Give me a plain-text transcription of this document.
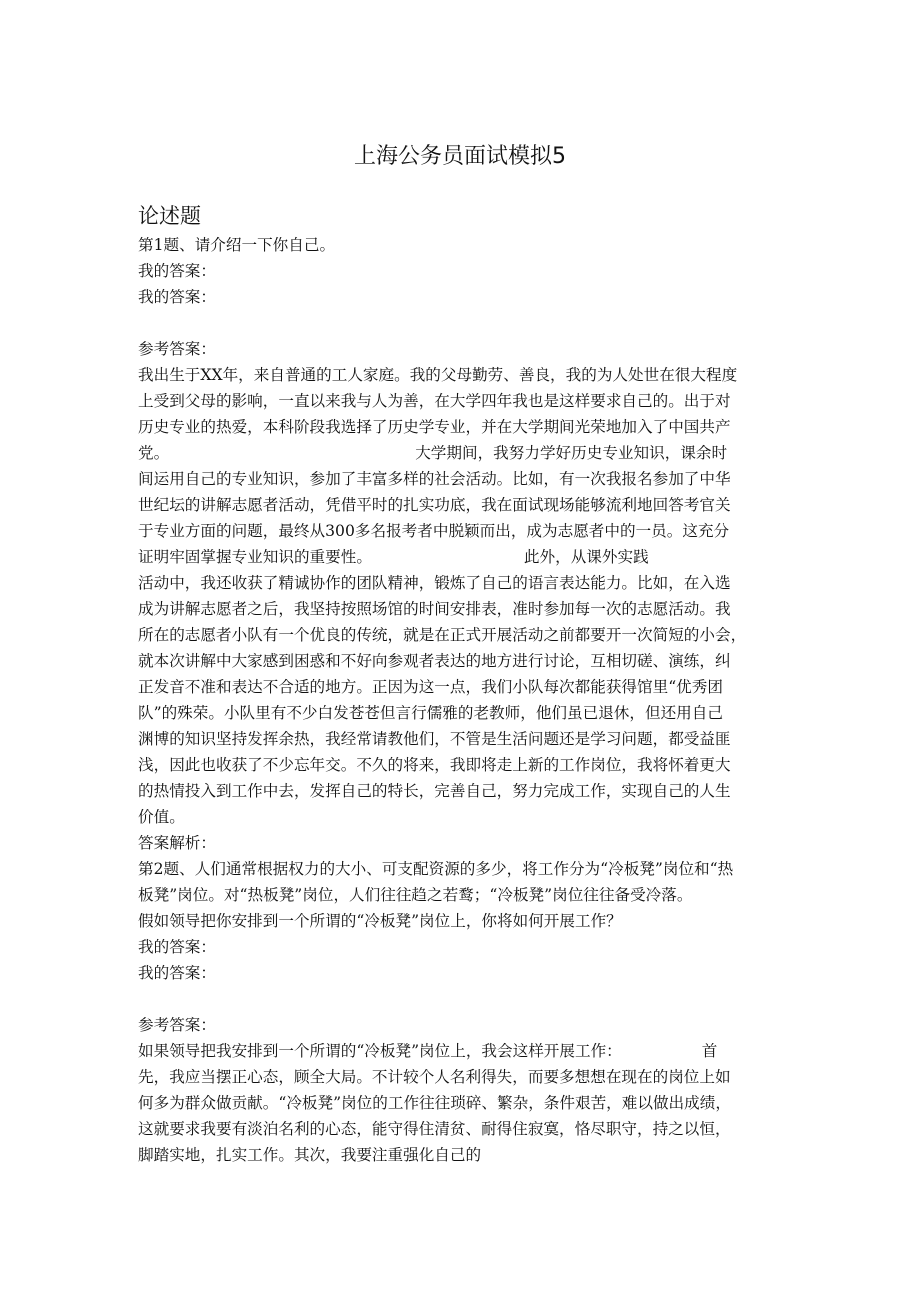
上海公务员面试模拟5
论述题
第1题、请介绍一下你自己。
我的答案：
我的答案：
参考答案：
我出生于XX年，来自普通的工人家庭。我的父母勤劳、善良，我的为人处世在很大程度
上受到父母的影响，一直以来我与人为善，在大学四年我也是这样要求自己的。出于对
历史专业的热爱，本科阶段我选择了历史学专业，并在大学期间光荣地加入了中国共产
党。	大学期间，我努力学好历史专业知识，课余时
间运用自己的专业知识，参加了丰富多样的社会活动。比如，有一次我报名参加了中华
世纪坛的讲解志愿者活动，凭借平时的扎实功底，我在面试现场能够流利地回答考官关
于专业方面的问题，最终从300多名报考者中脱颖而出，成为志愿者中的一员。这充分
证明牢固掌握专业知识的重要性。	此外，从课外实践
活动中，我还收获了精诚协作的团队精神，锻炼了自己的语言表达能力。比如，在入选
成为讲解志愿者之后，我坚持按照场馆的时间安排表，准时参加每一次的志愿活动。我
所在的志愿者小队有一个优良的传统，就是在正式开展活动之前都要开一次简短的小会，
就本次讲解中大家感到困惑和不好向参观者表达的地方进行讨论，互相切磋、演练，纠
正发音不准和表达不合适的地方。正因为这一点，我们小队每次都能获得馆里“优秀团
队”的殊荣。小队里有不少白发苍苍但言行儒雅的老教师，他们虽已退休，但还用自己
渊博的知识坚持发挥余热，我经常请教他们，不管是生活问题还是学习问题，都受益匪
浅，因此也收获了不少忘年交。不久的将来，我即将走上新的工作岗位，我将怀着更大
的热情投入到工作中去，发挥自己的特长，完善自己，努力完成工作，实现自己的人生
价值。
答案解析：
第2题、人们通常根据权力的大小、可支配资源的多少，将工作分为“冷板凳”岗位和“热
板凳”岗位。对“热板凳”岗位，人们往往趋之若鹜；“冷板凳”岗位往往备受冷落。
假如领导把你安排到一个所谓的“冷板凳”岗位上，你将如何开展工作？
我的答案：
我的答案：
参考答案：
如果领导把我安排到一个所谓的“冷板凳”岗位上，我会这样开展工作：	首
先，我应当摆正心态，顾全大局。不计较个人名利得失，而要多想想在现在的岗位上如
何多为群众做贡献。“冷板凳”岗位的工作往往琐碎、繁杂，条件艰苦，难以做出成绩，
这就要求我要有淡泊名利的心态，能守得住清贫、耐得住寂寞，恪尽职守，持之以恒，
脚踏实地，扎实工作。其次，我要注重强化自己的
